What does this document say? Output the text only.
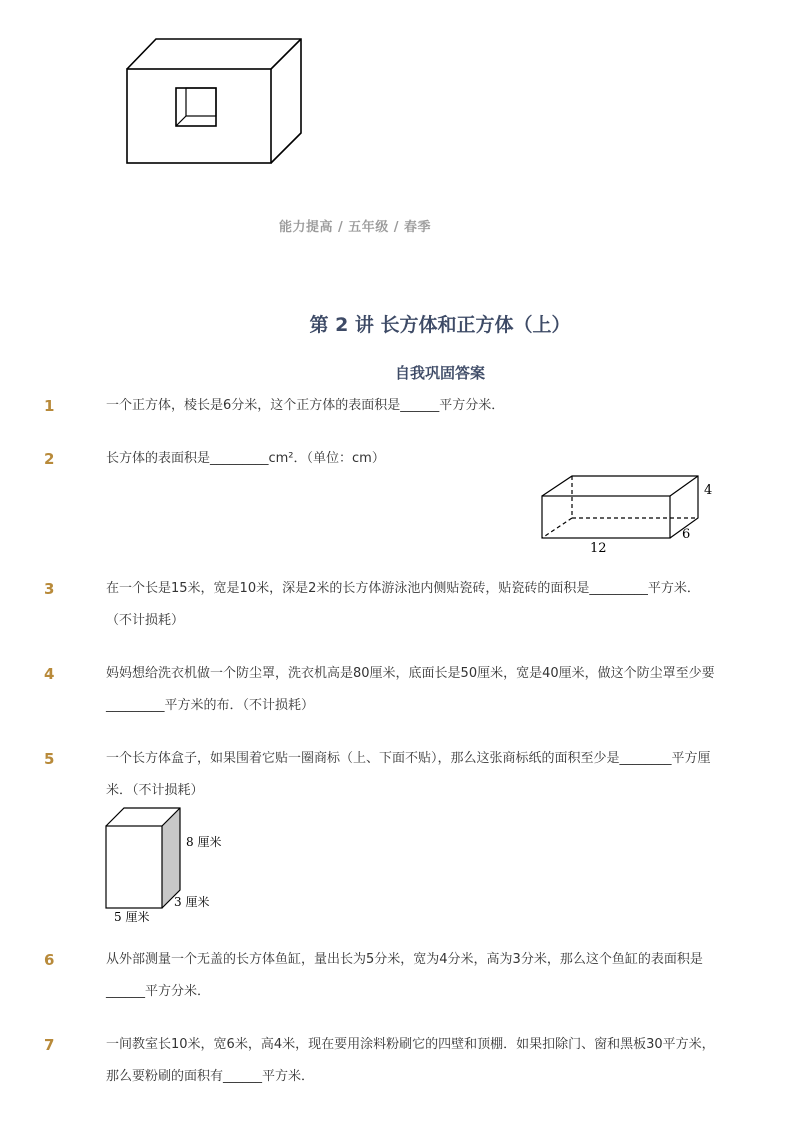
能力提高 / 五年级 / 春季
第 2 讲 长方体和正方体（上）
自我巩固答案
1	一个正方体，棱长是6分米，这个正方体的表面积是______平方分米．
2	长方体的表面积是_________cm²．（单位：cm）
4
6
12
3	在一个长是15米，宽是10米，深是2米的长方体游泳池内侧贴瓷砖，贴瓷砖的面积是_________平方米．（不计损耗）
4	妈妈想给洗衣机做一个防尘罩，洗衣机高是80厘米，底面长是50厘米，宽是40厘米，做这个防尘罩至少要_________平方米的布．（不计损耗）
5	一个长方体盒子，如果围着它贴一圈商标（上、下面不贴），那么这张商标纸的面积至少是________平方厘米．（不计损耗）
8 厘米
3 厘米
5 厘米
6	从外部测量一个无盖的长方体鱼缸，量出长为5分米，宽为4分米，高为3分米，那么这个鱼缸的表面积是______平方分米．
7	一间教室长10米，宽6米，高4米，现在要用涂料粉刷它的四壁和顶棚．如果扣除门、窗和黑板30平方米，那么要粉刷的面积有______平方米．
